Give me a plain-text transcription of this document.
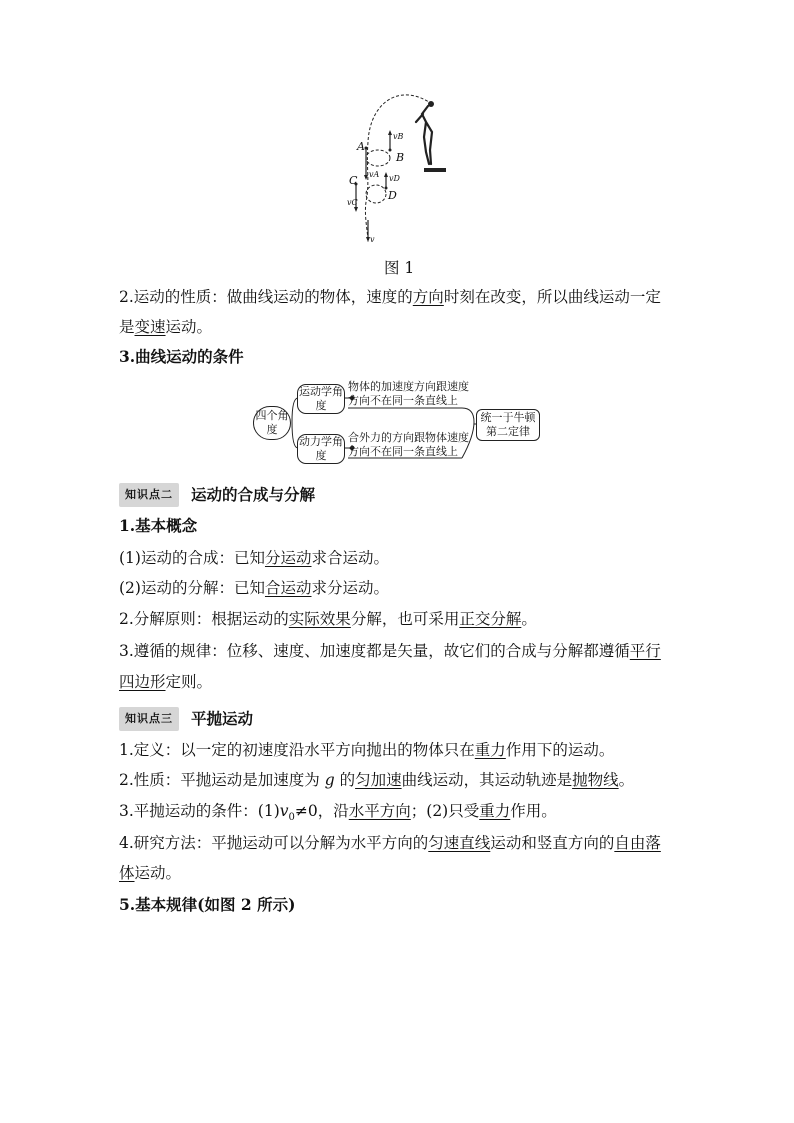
A
B
C
D
vB
vA vD
vC
v
图 1
2.运动的性质：做曲线运动的物体，速度的方向时刻在改变，所以曲线运动一定
是变速运动。
3.曲线运动的条件
四个角度
运动学角度
物体的加速度方向跟速度
方向不在同一条直线上
动力学角度
合外力的方向跟物体速度
方向不在同一条直线上
统一于牛顿第二定律
知识点二 运动的合成与分解
1.基本概念
(1)运动的合成：已知分运动求合运动。
(2)运动的分解：已知合运动求分运动。
2.分解原则：根据运动的实际效果分解，也可采用正交分解。
3.遵循的规律：位移、速度、加速度都是矢量，故它们的合成与分解都遵循平行
四边形定则。
知识点三 平抛运动
1.定义：以一定的初速度沿水平方向抛出的物体只在重力作用下的运动。
2.性质：平抛运动是加速度为 g 的匀加速曲线运动，其运动轨迹是抛物线。
3.平抛运动的条件：$(1)v_0\ne 0$，沿水平方向；(2)只受重力作用。
4.研究方法：平抛运动可以分解为水平方向的匀速直线运动和竖直方向的自由落
体运动。
5.基本规律(如图 2 所示)
